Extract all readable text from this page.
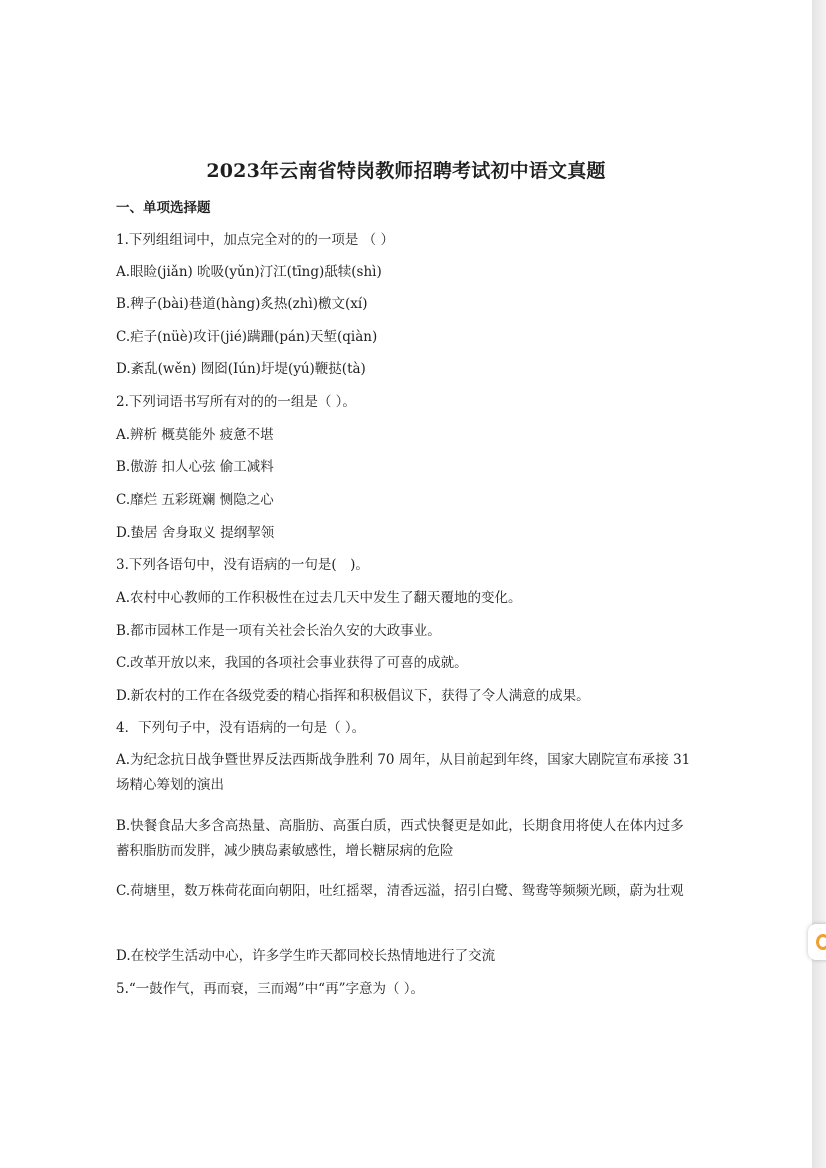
2023年云南省特岗教师招聘考试初中语文真题
一、单项选择题
1.下列组组词中，加点完全对的的一项是 （ ）
A.眼睑(jiǎn) 吮吸(yǔn)汀江(tīng)舐犊(shì)
B.稗子(bài)巷道(hàng)炙热(zhì)檄文(xí)
C.疟子(nüè)攻讦(jié)蹒跚(pán)天堑(qiàn)
D.紊乱(wěn) 囫囵(Iún)圩堤(yú)鞭挞(tà)
2.下列词语书写所有对的的一组是（ ）。
A.辨析 概莫能外 疲惫不堪
B.傲游 扣人心弦 偷工减料
C.靡烂 五彩斑斓 恻隐之心
D.蛰居 舍身取义 提纲挈领
3.下列各语句中，没有语病的一句是(　)。
A.农村中心教师的工作积极性在过去几天中发生了翻天覆地的变化。
B.都市园林工作是一项有关社会长治久安的大政事业。
C.改革开放以来，我国的各项社会事业获得了可喜的成就。
D.新农村的工作在各级党委的精心指挥和积极倡议下，获得了令人满意的成果。
4．下列句子中，没有语病的一句是（ ）。
A.为纪念抗日战争暨世界反法西斯战争胜利 70 周年，从目前起到年终，国家大剧院宣布承接 31场精心筹划的演出
B.快餐食品大多含高热量、高脂肪、高蛋白质，西式快餐更是如此，长期食用将使人在体内过多蓄积脂肪而发胖，减少胰岛素敏感性，增长糖尿病的危险
C.荷塘里，数万株荷花面向朝阳，吐红摇翠，清香远溢，招引白鹭、鸳鸯等频频光顾，蔚为壮观
D.在校学生活动中心，许多学生昨天都同校长热情地进行了交流
5.“一鼓作气，再而衰，三而竭”中“再”字意为（ ）。
